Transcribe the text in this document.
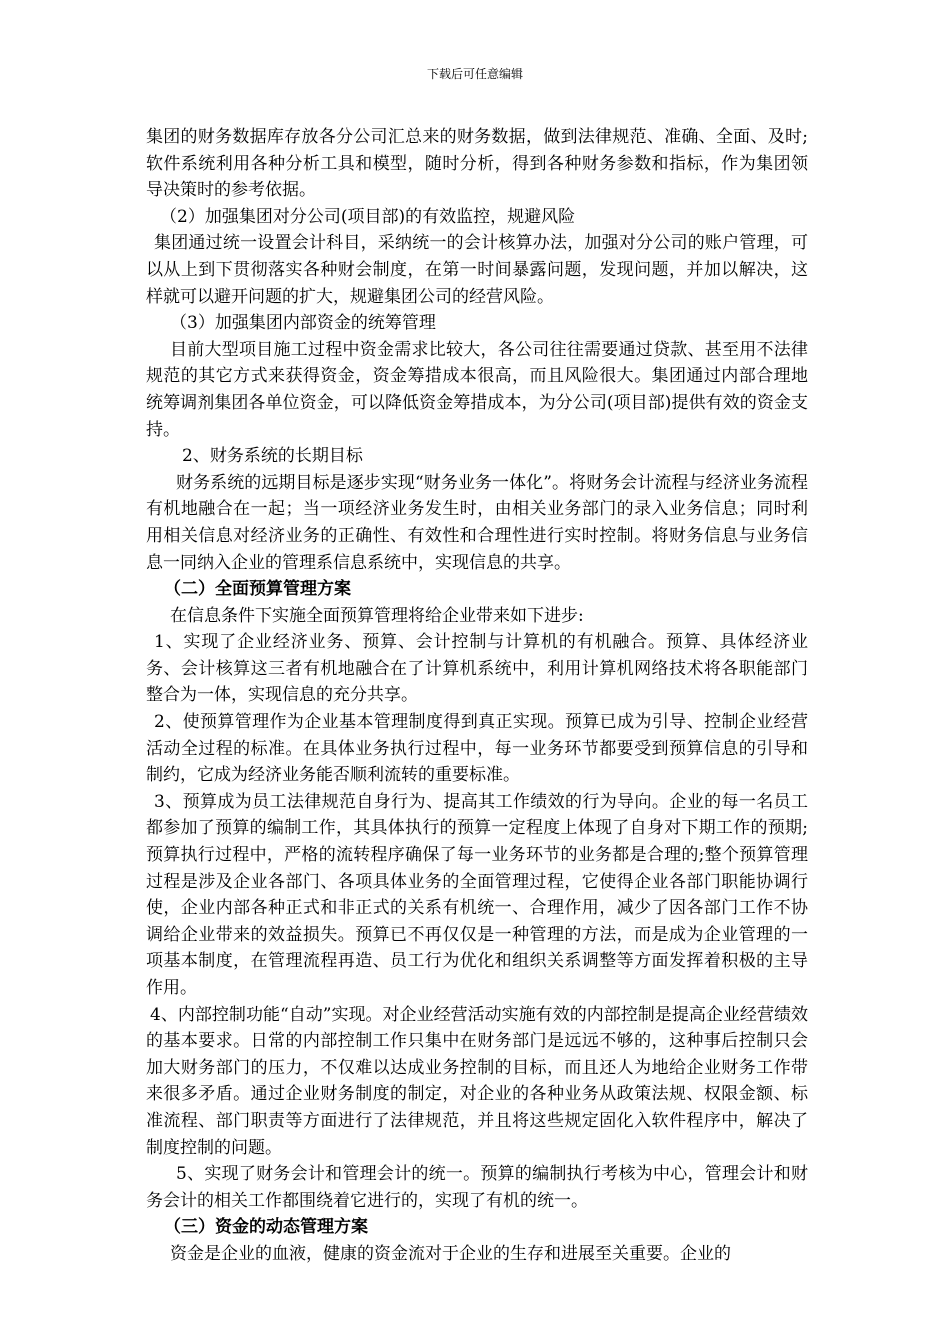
下载后可任意编辑

集团的财务数据库存放各分公司汇总来的财务数据，做到法律规范、准确、全面、及时;软件系统利用各种分析工具和模型，随时分析，得到各种财务参数和指标，作为集团领导决策时的参考依据。

（2）加强集团对分公司(项目部)的有效监控，规避风险

集团通过统一设置会计科目，采纳统一的会计核算办法，加强对分公司的账户管理，可以从上到下贯彻落实各种财会制度，在第一时间暴露问题，发现问题，并加以解决，这样就可以避开问题的扩大，规避集团公司的经营风险。

（3）加强集团内部资金的统筹管理

目前大型项目施工过程中资金需求比较大，各公司往往需要通过贷款、甚至用不法律规范的其它方式来获得资金，资金筹措成本很高，而且风险很大。集团通过内部合理地统筹调剂集团各单位资金，可以降低资金筹措成本，为分公司(项目部)提供有效的资金支持。

2、财务系统的长期目标

财务系统的远期目标是逐步实现“财务业务一体化”。将财务会计流程与经济业务流程有机地融合在一起；当一项经济业务发生时，由相关业务部门的录入业务信息；同时利用相关信息对经济业务的正确性、有效性和合理性进行实时控制。将财务信息与业务信息一同纳入企业的管理系信息系统中，实现信息的共享。

（二）全面预算管理方案

在信息条件下实施全面预算管理将给企业带来如下进步:

1、实现了企业经济业务、预算、会计控制与计算机的有机融合。预算、具体经济业务、会计核算这三者有机地融合在了计算机系统中，利用计算机网络技术将各职能部门整合为一体，实现信息的充分共享。

2、使预算管理作为企业基本管理制度得到真正实现。预算已成为引导、控制企业经营活动全过程的标准。在具体业务执行过程中，每一业务环节都要受到预算信息的引导和制约，它成为经济业务能否顺利流转的重要标准。

3、预算成为员工法律规范自身行为、提高其工作绩效的行为导向。企业的每一名员工都参加了预算的编制工作，其具体执行的预算一定程度上体现了自身对下期工作的预期;预算执行过程中，严格的流转程序确保了每一业务环节的业务都是合理的;整个预算管理过程是涉及企业各部门、各项具体业务的全面管理过程，它使得企业各部门职能协调行使，企业内部各种正式和非正式的关系有机统一、合理作用，减少了因各部门工作不协调给企业带来的效益损失。预算已不再仅仅是一种管理的方法，而是成为企业管理的一项基本制度，在管理流程再造、员工行为优化和组织关系调整等方面发挥着积极的主导作用。

4、内部控制功能“自动”实现。对企业经营活动实施有效的内部控制是提高企业经营绩效的基本要求。日常的内部控制工作只集中在财务部门是远远不够的，这种事后控制只会加大财务部门的压力，不仅难以达成业务控制的目标，而且还人为地给企业财务工作带来很多矛盾。通过企业财务制度的制定，对企业的各种业务从政策法规、权限金额、标准流程、部门职责等方面进行了法律规范，并且将这些规定固化入软件程序中，解决了制度控制的问题。

5、实现了财务会计和管理会计的统一。预算的编制执行考核为中心，管理会计和财务会计的相关工作都围绕着它进行的，实现了有机的统一。

（三）资金的动态管理方案

资金是企业的血液，健康的资金流对于企业的生存和进展至关重要。企业的
